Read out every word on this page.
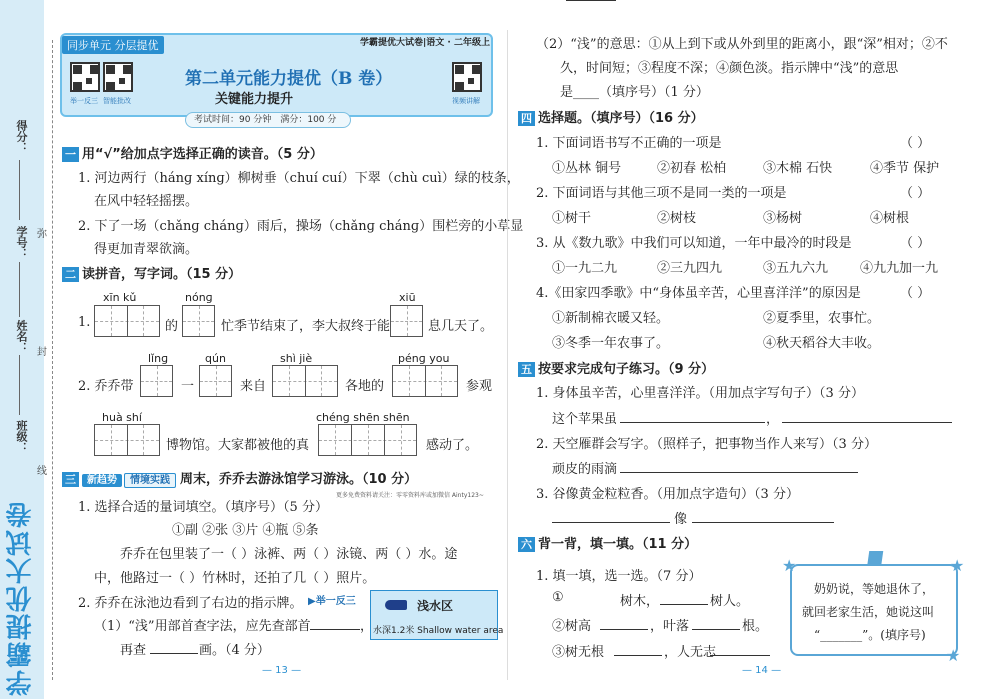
得分：
学号：
姓名：
班级：
学霸提优大试卷
弥
封
线
同步单元 分层提优	学霸提优大试卷|语文 · 二年级上
举一反三 智能批改	视频讲解
第二单元能力提优（B 卷）
关键能力提升
考试时间：90 分钟　 满分：100 分
一 用“√”给加点字选择正确的读音。（5 分）
1. 河边两行（hánɡ xínɡ）柳树垂（chuí cuí）下翠（chù cuì）绿的枝条，
在风中轻轻摇摆。
2. 下了一场（chǎnɡ chánɡ）雨后，操场（chǎnɡ chánɡ）围栏旁的小草显
得更加青翠欲滴。
二 读拼音，写字词。（15 分）
xīn kǔ	nónɡ	xiū
1.	的	忙季节结束了，李大叔终于能	息几天了。
lǐnɡ	qún	shì jiè	pénɡ you
2. 乔乔带	一	来自	各地的	参观
huà shí	chénɡ shēn shēn
博物馆。大家都被他的真	感动了。
三 新趋势 情境实践 周末，乔乔去游泳馆学习游泳。（10 分）
更多免费资料请关注：零零资料库或加微信 Ainty123~
1. 选择合适的量词填空。（填序号）（5 分）
①副 ②张 ③片 ④瓶 ⑤条
乔乔在包里装了一（ ）泳裤、两（ ）泳镜、两（ ）水。途
中，他路过一（ ）竹林时，还拍了几（ ）照片。
2. 乔乔在泳池边看到了右边的指示牌。 ▶举一反三	浅水区
水深1.2米 Shallow water area
（1）“浅”用部首查字法，应先查部首	，
再查	画。（4 分）
— 13 —
（2）“浅”的意思：①从上到下或从外到里的距离小，跟“深”相对；②不
久，时间短；③程度不深；④颜色淡。指示牌中“浅”的意思
是____（填序号）（1 分）
四 选择题。（填序号）（16 分）
1. 下面词语书写不正确的一项是	（ ）
①丛林 铜号	②初春 松柏	③木棉 石快	④季节 保护
2. 下面词语与其他三项不是同一类的一项是	（ ）
①树干	②树枝	③杨树	④树根
3. 从《数九歌》中我们可以知道，一年中最冷的时段是	（ ）
①一九二九	②三九四九	③五九六九 ④九九加一九
4.《田家四季歌》中“身体虽辛苦，心里喜洋洋”的原因是	（ ）
①新制棉衣暖又轻。	②夏季里，农事忙。
③冬季一年农事了。	④秋天稻谷大丰收。
五 按要求完成句子练习。（9 分）
1. 身体虽辛苦，心里喜洋洋。（用加点字写句子）（3 分）
这个苹果虽	，
2. 天空雁群会写字。（照样子，把事物当作人来写）（3 分）
顽皮的雨滴
3. 谷像黄金粒粒香。（用加点字造句）（3 分）
像
六 背一背，填一填。（11 分）
1. 填一填，选一选。（7 分）
①	树木，	树人。
②树高	，叶落	根。
③树无根	，人无志
奶奶说，等她退休了，
就回老家生活，她说这叫
“_______”。(填序号)
★	★
★
— 14 —
